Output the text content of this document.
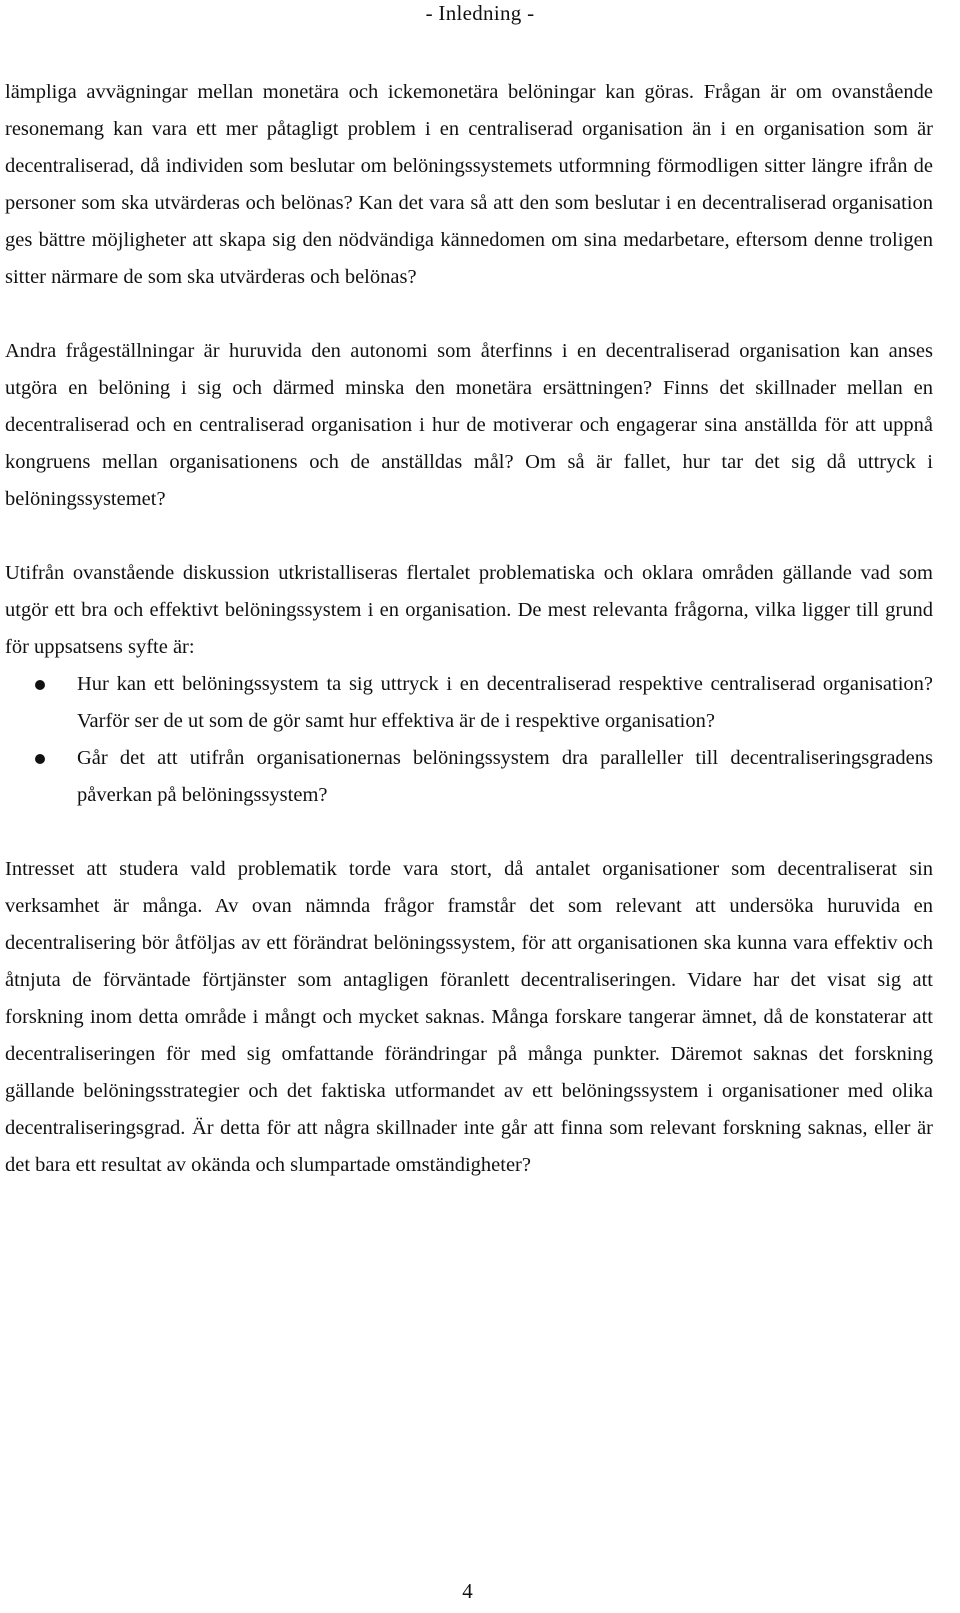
- Inledning -

lämpliga avvägningar mellan monetära och ickemonetära belöningar kan göras. Frågan är om ovanstående resonemang kan vara ett mer påtagligt problem i en centraliserad organisation än i en organisation som är decentraliserad, då individen som beslutar om belöningssystemets utformning förmodligen sitter längre ifrån de personer som ska utvärderas och belönas? Kan det vara så att den som beslutar i en decentraliserad organisation ges bättre möjligheter att skapa sig den nödvändiga kännedomen om sina medarbetare, eftersom denne troligen sitter närmare de som ska utvärderas och belönas?

Andra frågeställningar är huruvida den autonomi som återfinns i en decentraliserad organisation kan anses utgöra en belöning i sig och därmed minska den monetära ersättningen? Finns det skillnader mellan en decentraliserad och en centraliserad organisation i hur de motiverar och engagerar sina anställda för att uppnå kongruens mellan organisationens och de anställdas mål? Om så är fallet, hur tar det sig då uttryck i belöningssystemet?

Utifrån ovanstående diskussion utkristalliseras flertalet problematiska och oklara områden gällande vad som utgör ett bra och effektivt belöningssystem i en organisation. De mest relevanta frågorna, vilka ligger till grund för uppsatsens syfte är:

Hur kan ett belöningssystem ta sig uttryck i en decentraliserad respektive centraliserad organisation? Varför ser de ut som de gör samt hur effektiva är de i respektive organisation?
Går det att utifrån organisationernas belöningssystem dra paralleller till decentraliseringsgradens påverkan på belöningssystem?

Intresset att studera vald problematik torde vara stort, då antalet organisationer som decentraliserat sin verksamhet är många. Av ovan nämnda frågor framstår det som relevant att undersöka huruvida en decentralisering bör åtföljas av ett förändrat belöningssystem, för att organisationen ska kunna vara effektiv och åtnjuta de förväntade förtjänster som antagligen föranlett decentraliseringen. Vidare har det visat sig att forskning inom detta område i mångt och mycket saknas. Många forskare tangerar ämnet, då de konstaterar att decentraliseringen för med sig omfattande förändringar på många punkter. Däremot saknas det forskning gällande belöningsstrategier och det faktiska utformandet av ett belöningssystem i organisationer med olika decentraliseringsgrad. Är detta för att några skillnader inte går att finna som relevant forskning saknas, eller är det bara ett resultat av okända och slumpartade omständigheter?

4
